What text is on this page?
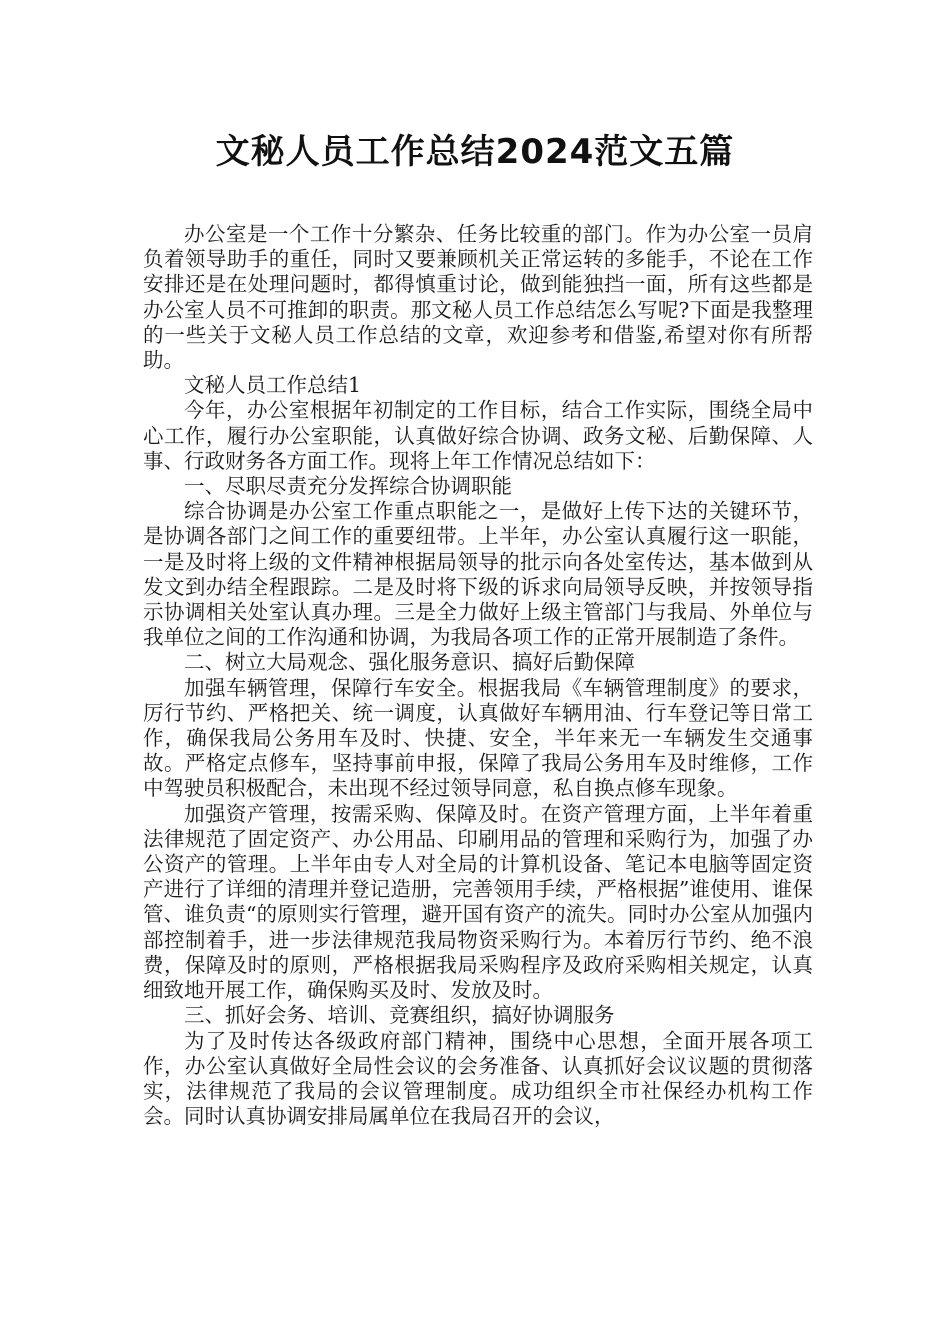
文秘人员工作总结2024范文五篇

办公室是一个工作十分繁杂、任务比较重的部门。作为办公室一员肩负着领导助手的重任，同时又要兼顾机关正常运转的多能手，不论在工作安排还是在处理问题时，都得慎重讨论，做到能独挡一面，所有这些都是办公室人员不可推卸的职责。那文秘人员工作总结怎么写呢?下面是我整理的一些关于文秘人员工作总结的文章，欢迎参考和借鉴,希望对你有所帮助。

文秘人员工作总结1

今年，办公室根据年初制定的工作目标，结合工作实际，围绕全局中心工作，履行办公室职能，认真做好综合协调、政务文秘、后勤保障、人事、行政财务各方面工作。现将上年工作情况总结如下：

一、尽职尽责充分发挥综合协调职能

综合协调是办公室工作重点职能之一，是做好上传下达的关键环节，是协调各部门之间工作的重要纽带。上半年，办公室认真履行这一职能，一是及时将上级的文件精神根据局领导的批示向各处室传达，基本做到从发文到办结全程跟踪。二是及时将下级的诉求向局领导反映，并按领导指示协调相关处室认真办理。三是全力做好上级主管部门与我局、外单位与我单位之间的工作沟通和协调，为我局各项工作的正常开展制造了条件。

二、树立大局观念、强化服务意识、搞好后勤保障

加强车辆管理，保障行车安全。根据我局《车辆管理制度》的要求，厉行节约、严格把关、统一调度，认真做好车辆用油、行车登记等日常工作，确保我局公务用车及时、快捷、安全，半年来无一车辆发生交通事故。严格定点修车，坚持事前申报，保障了我局公务用车及时维修，工作中驾驶员积极配合，未出现不经过领导同意，私自换点修车现象。

加强资产管理，按需采购、保障及时。在资产管理方面，上半年着重法律规范了固定资产、办公用品、印刷用品的管理和采购行为，加强了办公资产的管理。上半年由专人对全局的计算机设备、笔记本电脑等固定资产进行了详细的清理并登记造册，完善领用手续，严格根据”谁使用、谁保管、谁负责“的原则实行管理，避开国有资产的流失。同时办公室从加强内部控制着手，进一步法律规范我局物资采购行为。本着厉行节约、绝不浪费，保障及时的原则，严格根据我局采购程序及政府采购相关规定，认真细致地开展工作，确保购买及时、发放及时。

三、抓好会务、培训、竞赛组织，搞好协调服务

为了及时传达各级政府部门精神，围绕中心思想，全面开展各项工作，办公室认真做好全局性会议的会务准备、认真抓好会议议题的贯彻落实，法律规范了我局的会议管理制度。成功组织全市社保经办机构工作会。同时认真协调安排局属单位在我局召开的会议，
